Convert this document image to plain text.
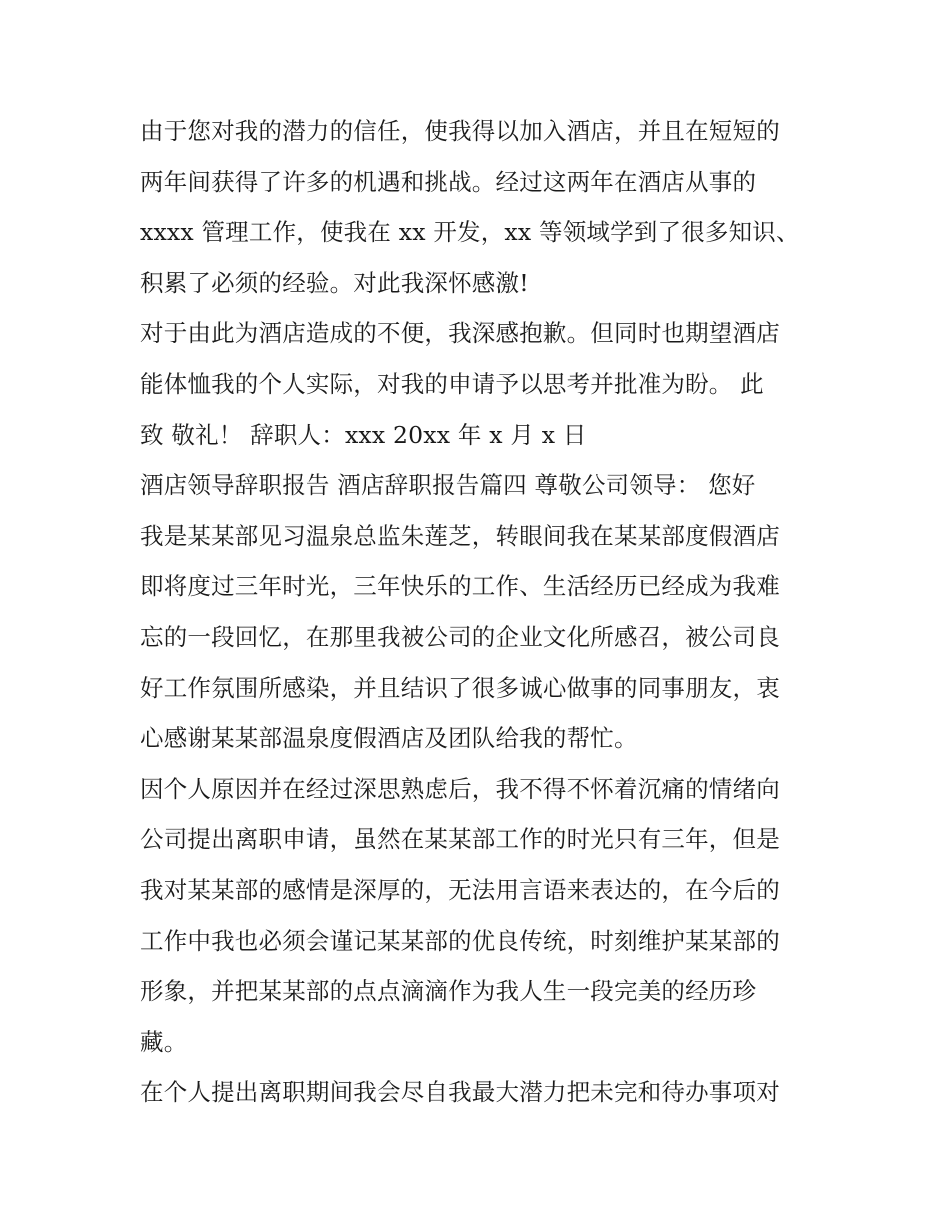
由于您对我的潜力的信任，使我得以加入酒店，并且在短短的
两年间获得了许多的机遇和挑战。经过这两年在酒店从事的
xxxx 管理工作，使我在 xx 开发，xx 等领域学到了很多知识、
积累了必须的经验。对此我深怀感激!
对于由此为酒店造成的不便，我深感抱歉。但同时也期望酒店
能体恤我的个人实际，对我的申请予以思考并批准为盼。 此
致 敬礼！ 辞职人：xxx 20xx 年 x 月 x 日
酒店领导辞职报告 酒店辞职报告篇四 尊敬公司领导： 您好
我是某某部见习温泉总监朱莲芝，转眼间我在某某部度假酒店
即将度过三年时光，三年快乐的工作、生活经历已经成为我难
忘的一段回忆，在那里我被公司的企业文化所感召，被公司良
好工作氛围所感染，并且结识了很多诚心做事的同事朋友，衷
心感谢某某部温泉度假酒店及团队给我的帮忙。
因个人原因并在经过深思熟虑后，我不得不怀着沉痛的情绪向
公司提出离职申请，虽然在某某部工作的时光只有三年，但是
我对某某部的感情是深厚的，无法用言语来表达的，在今后的
工作中我也必须会谨记某某部的优良传统，时刻维护某某部的
形象，并把某某部的点点滴滴作为我人生一段完美的经历珍
藏。
在个人提出离职期间我会尽自我最大潜力把未完和待办事项对
